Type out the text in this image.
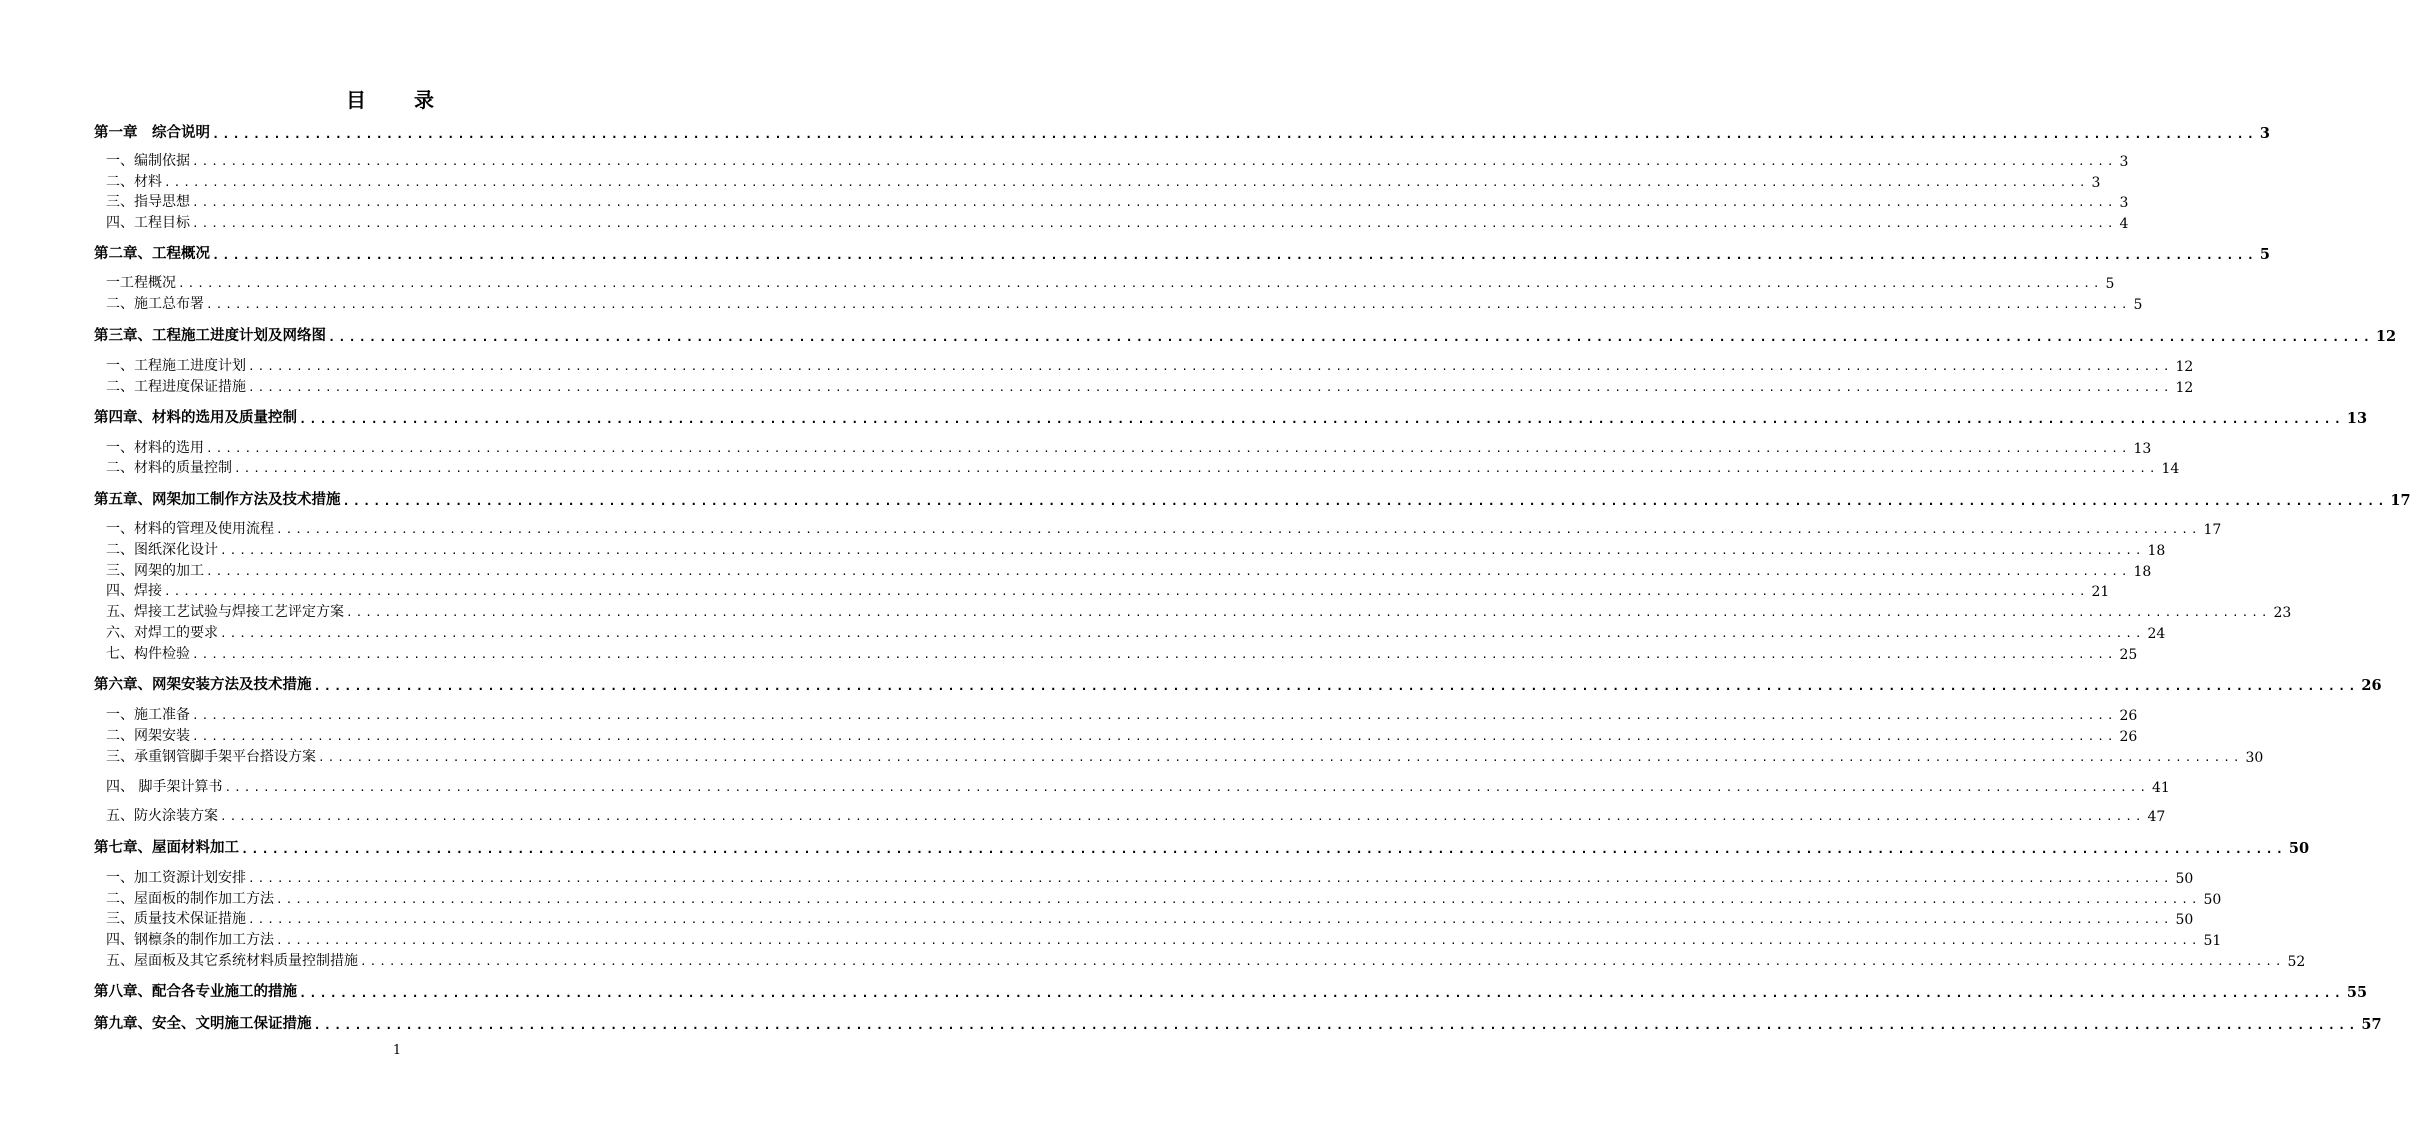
目　录
第一章　综合说明 ........................................................................................................................................................................................................ 3
一、编制依据 ........................................................................................................................................................................................................ 3
二、材料 ........................................................................................................................................................................................................ 3
三、指导思想 ........................................................................................................................................................................................................ 3
四、工程目标 ........................................................................................................................................................................................................ 4
第二章、工程概况 ........................................................................................................................................................................................................ 5
一工程概况 ........................................................................................................................................................................................................ 5
二、施工总布署 ........................................................................................................................................................................................................ 5
第三章、工程施工进度计划及网络图 ........................................................................................................................................................................................................ 12
一、工程施工进度计划 ........................................................................................................................................................................................................ 12
二、工程进度保证措施 ........................................................................................................................................................................................................ 12
第四章、材料的选用及质量控制 ........................................................................................................................................................................................................ 13
一、材料的选用 ........................................................................................................................................................................................................ 13
二、材料的质量控制 ........................................................................................................................................................................................................ 14
第五章、网架加工制作方法及技术措施 ........................................................................................................................................................................................................ 17
一、材料的管理及使用流程 ........................................................................................................................................................................................................ 17
二、图纸深化设计 ........................................................................................................................................................................................................ 18
三、网架的加工 ........................................................................................................................................................................................................ 18
四、焊接 ........................................................................................................................................................................................................ 21
五、焊接工艺试验与焊接工艺评定方案 ........................................................................................................................................................................................................ 23
六、对焊工的要求 ........................................................................................................................................................................................................ 24
七、构件检验 ........................................................................................................................................................................................................ 25
第六章、网架安装方法及技术措施 ........................................................................................................................................................................................................ 26
一、施工准备 ........................................................................................................................................................................................................ 26
二、网架安装 ........................................................................................................................................................................................................ 26
三、承重钢管脚手架平台搭设方案 ........................................................................................................................................................................................................ 30
四、 脚手架计算书 ........................................................................................................................................................................................................ 41
五、防火涂装方案 ........................................................................................................................................................................................................ 47
第七章、屋面材料加工 ........................................................................................................................................................................................................ 50
一、加工资源计划安排 ........................................................................................................................................................................................................ 50
二、屋面板的制作加工方法 ........................................................................................................................................................................................................ 50
三、质量技术保证措施 ........................................................................................................................................................................................................ 50
四、钢檩条的制作加工方法 ........................................................................................................................................................................................................ 51
五、屋面板及其它系统材料质量控制措施 ........................................................................................................................................................................................................ 52
第八章、配合各专业施工的措施 ........................................................................................................................................................................................................ 55
第九章、安全、文明施工保证措施 ........................................................................................................................................................................................................ 57
1
